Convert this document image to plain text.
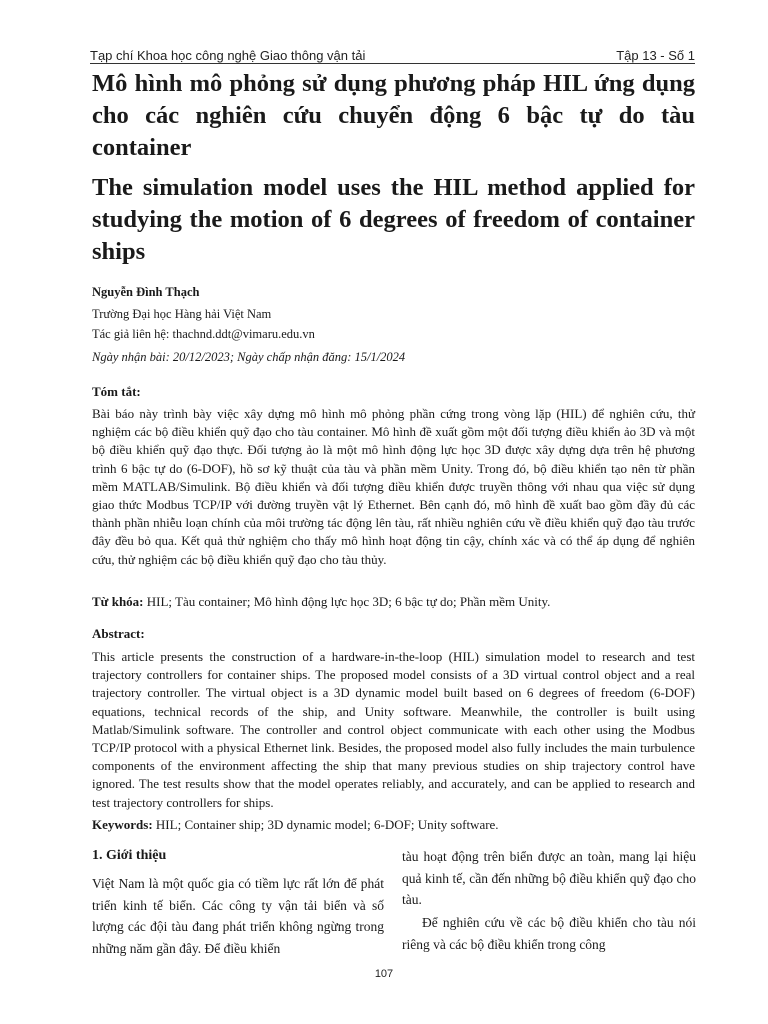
Tạp chí Khoa học công nghệ Giao thông vận tải	Tập 13 - Số 1
Mô hình mô phỏng sử dụng phương pháp HIL ứng dụng cho các nghiên cứu chuyển động 6 bậc tự do tàu container
The simulation model uses the HIL method applied for studying the motion of 6 degrees of freedom of container ships
Nguyễn Đình Thạch
Trường Đại học Hàng hải Việt Nam
Tác giả liên hệ: thachnd.ddt@vimaru.edu.vn
Ngày nhận bài: 20/12/2023; Ngày chấp nhận đăng: 15/1/2024
Tóm tắt:

Bài báo này trình bày việc xây dựng mô hình mô phỏng phần cứng trong vòng lặp (HIL) để nghiên cứu, thử nghiệm các bộ điều khiển quỹ đạo cho tàu container. Mô hình đề xuất gồm một đối tượng điều khiển ảo 3D và một bộ điều khiển quỹ đạo thực. Đối tượng ảo là một mô hình động lực học 3D được xây dựng dựa trên hệ phương trình 6 bậc tự do (6-DOF), hồ sơ kỹ thuật của tàu và phần mềm Unity. Trong đó, bộ điều khiển tạo nên từ phần mềm MATLAB/Simulink. Bộ điều khiển và đối tượng điều khiển được truyền thông với nhau qua việc sử dụng giao thức Modbus TCP/IP với đường truyền vật lý Ethernet. Bên cạnh đó, mô hình đề xuất bao gồm đầy đủ các thành phần nhiễu loạn chính của môi trường tác động lên tàu, rất nhiều nghiên cứu về điều khiển quỹ đạo tàu trước đây đều bỏ qua. Kết quả thử nghiệm cho thấy mô hình hoạt động tin cậy, chính xác và có thể áp dụng để nghiên cứu, thử nghiệm các bộ điều khiển quỹ đạo cho tàu thủy.

Từ khóa: HIL; Tàu container; Mô hình động lực học 3D; 6 bậc tự do; Phần mềm Unity.
Abstract:

This article presents the construction of a hardware-in-the-loop (HIL) simulation model to research and test trajectory controllers for container ships. The proposed model consists of a 3D virtual control object and a real trajectory controller. The virtual object is a 3D dynamic model built based on 6 degrees of freedom (6-DOF) equations, technical records of the ship, and Unity software. Meanwhile, the controller is built using Matlab/Simulink software. The controller and control object communicate with each other using the Modbus TCP/IP protocol with a physical Ethernet link. Besides, the proposed model also fully includes the main turbulence components of the environment affecting the ship that many previous studies on ship trajectory control have ignored. The test results show that the model operates reliably, and accurately, and can be applied to research and test trajectory controllers for ships.

Keywords: HIL; Container ship; 3D dynamic model; 6-DOF; Unity software.
1. Giới thiệu
Việt Nam là một quốc gia có tiềm lực rất lớn để phát triển kinh tế biển. Các công ty vận tải biển và số lượng các đội tàu đang phát triển không ngừng trong những năm gần đây. Để điều khiển
tàu hoạt động trên biển được an toàn, mang lại hiệu quả kinh tế, cần đến những bộ điều khiển quỹ đạo cho tàu.
Để nghiên cứu về các bộ điều khiển cho tàu nói riêng và các bộ điều khiển trong công
107
